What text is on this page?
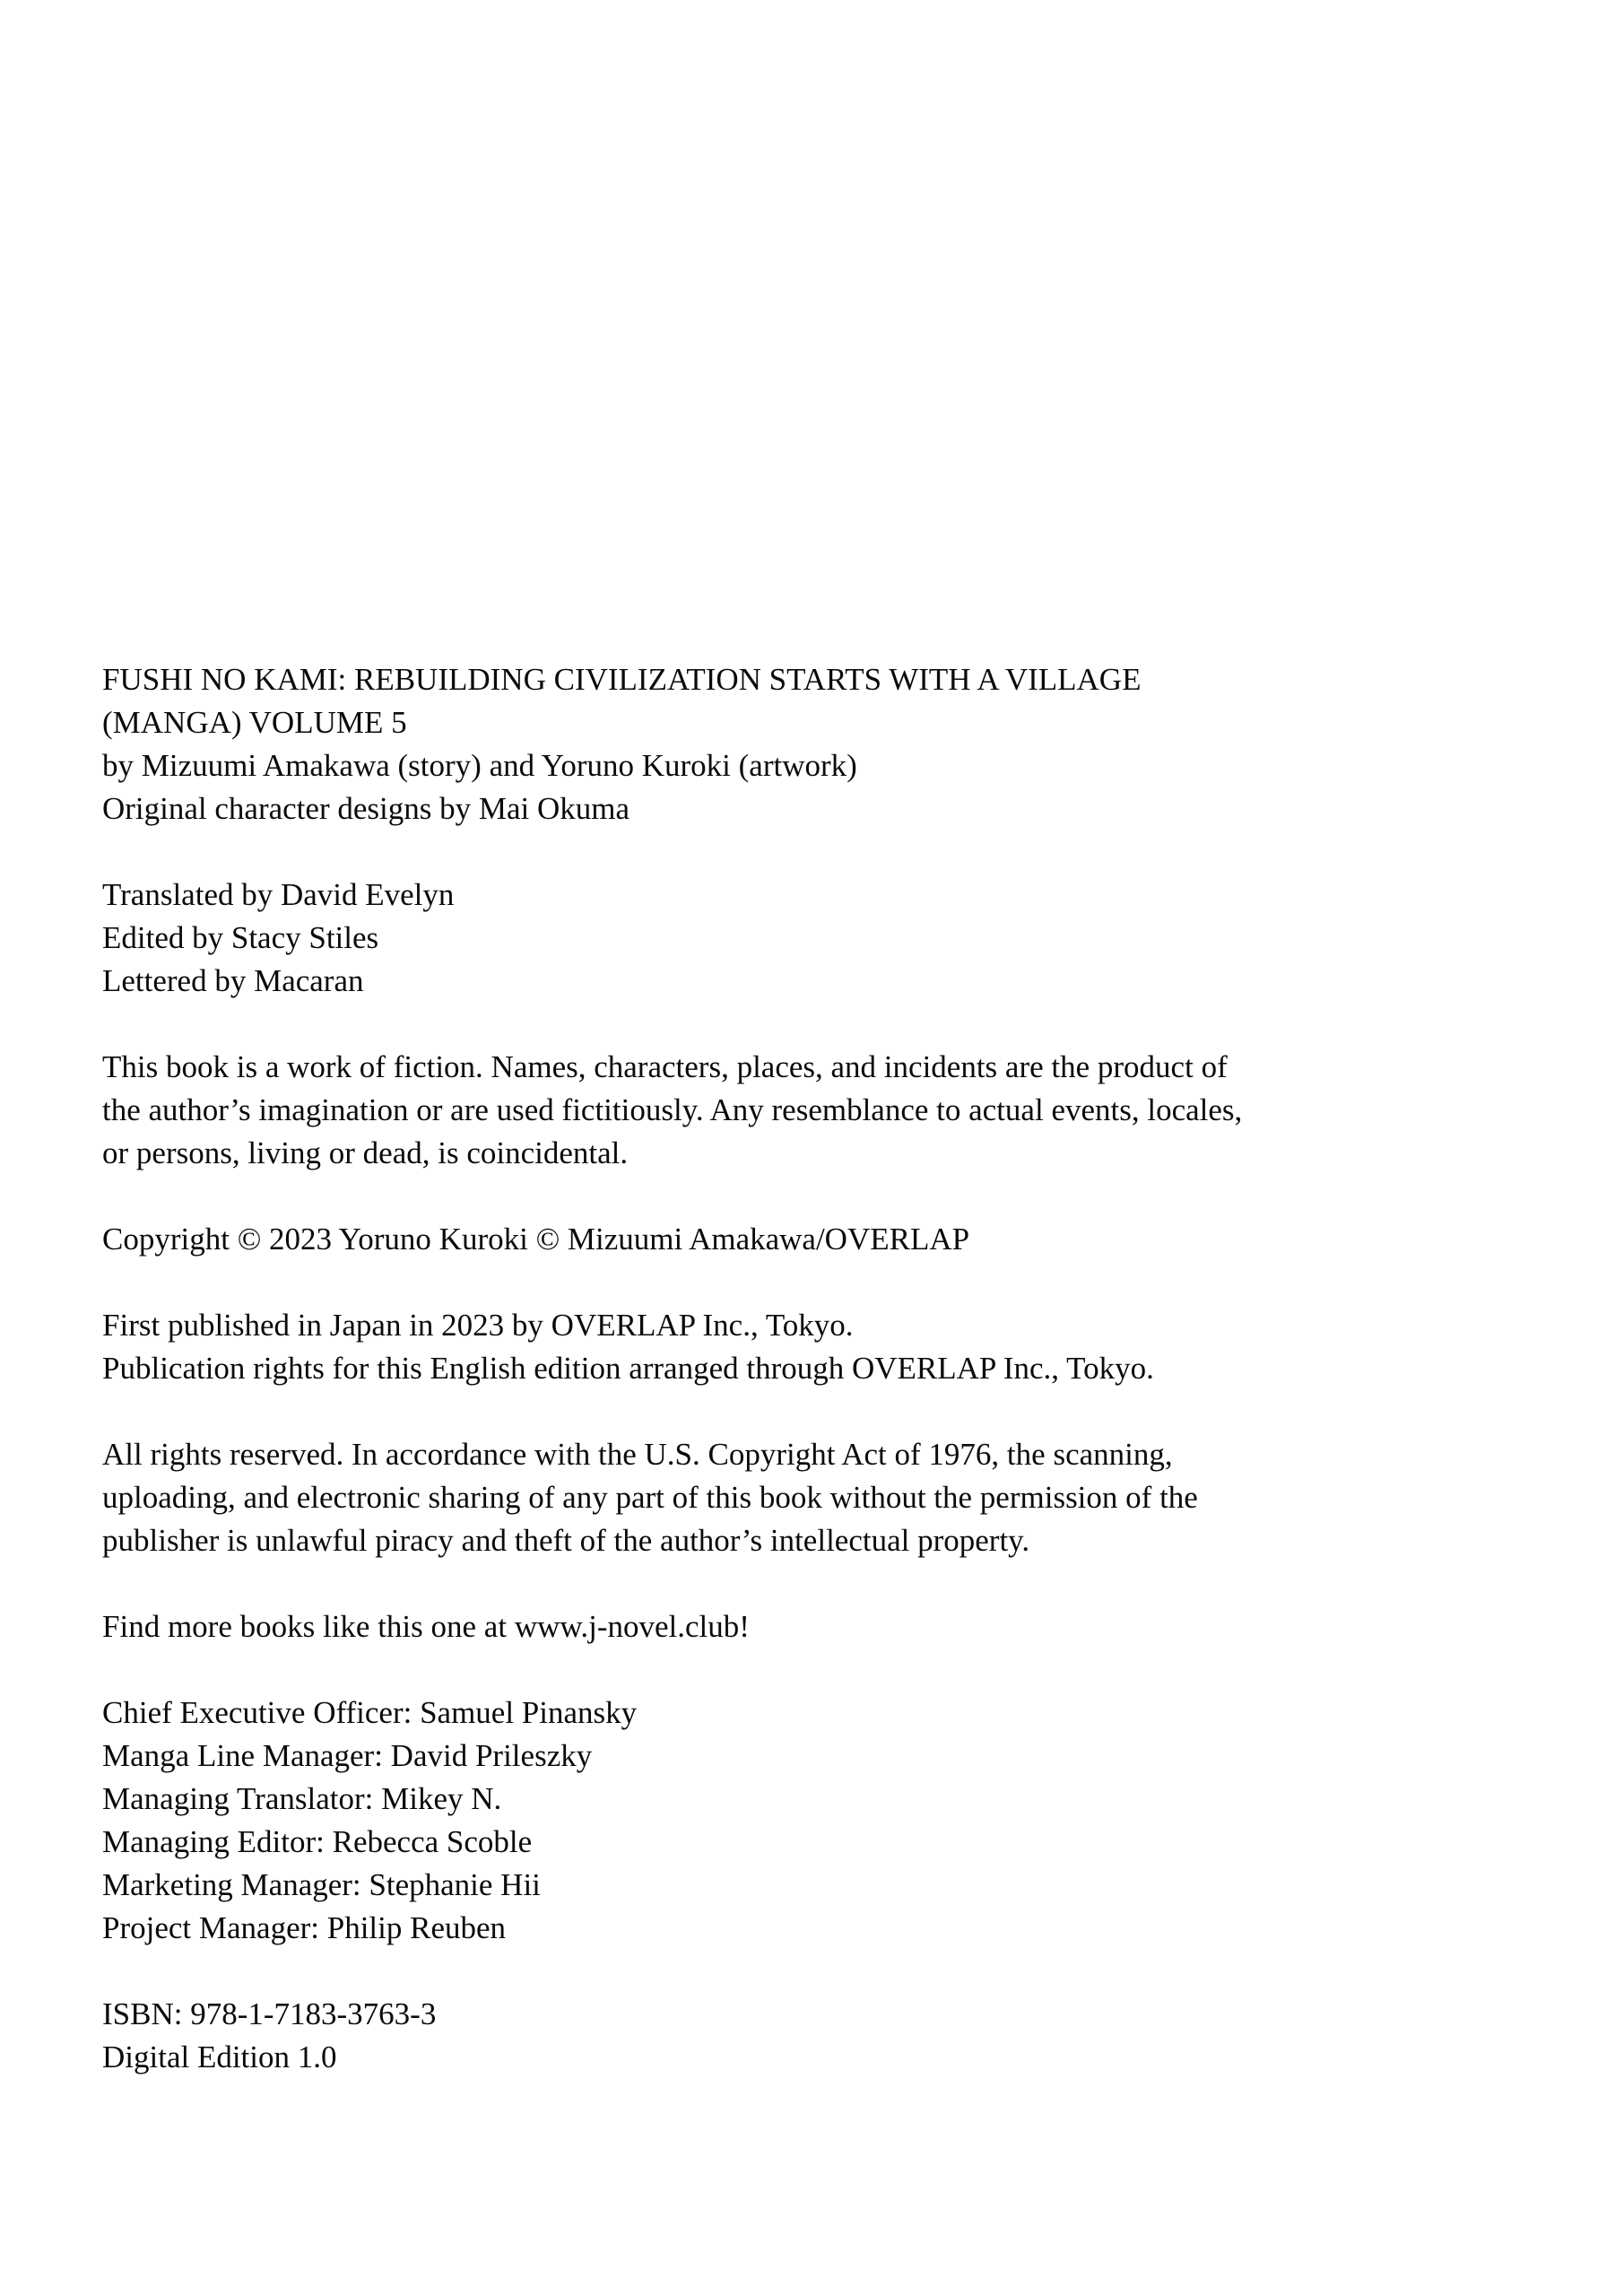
FUSHI NO KAMI: REBUILDING CIVILIZATION STARTS WITH A VILLAGE
(MANGA) VOLUME 5
by Mizuumi Amakawa (story) and Yoruno Kuroki (artwork)
Original character designs by Mai Okuma
Translated by David Evelyn
Edited by Stacy Stiles
Lettered by Macaran
This book is a work of fiction. Names, characters, places, and incidents are the product of
the author’s imagination or are used fictitiously. Any resemblance to actual events, locales,
or persons, living or dead, is coincidental.
Copyright © 2023 Yoruno Kuroki © Mizuumi Amakawa/OVERLAP
First published in Japan in 2023 by OVERLAP Inc., Tokyo.
Publication rights for this English edition arranged through OVERLAP Inc., Tokyo.
All rights reserved. In accordance with the U.S. Copyright Act of 1976, the scanning,
uploading, and electronic sharing of any part of this book without the permission of the
publisher is unlawful piracy and theft of the author’s intellectual property.
Find more books like this one at www.j-novel.club!
Chief Executive Officer: Samuel Pinansky
Manga Line Manager: David Prileszky
Managing Translator: Mikey N.
Managing Editor: Rebecca Scoble
Marketing Manager: Stephanie Hii
Project Manager: Philip Reuben
ISBN: 978-1-7183-3763-3
Digital Edition 1.0
